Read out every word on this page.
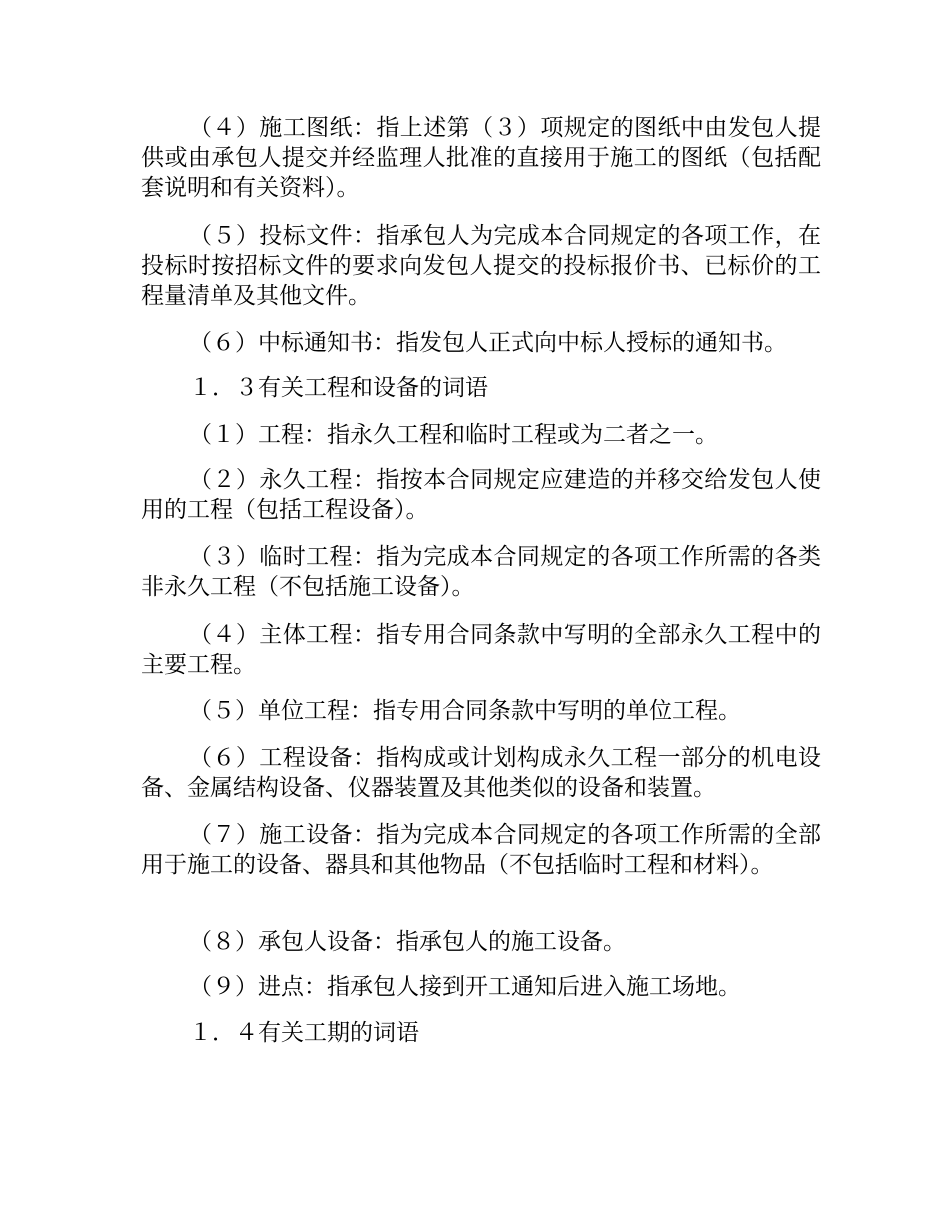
（４）施工图纸：指上述第（３）项规定的图纸中由发包人提供或由承包人提交并经监理人批准的直接用于施工的图纸（包括配套说明和有关资料）。

（５）投标文件：指承包人为完成本合同规定的各项工作，在投标时按招标文件的要求向发包人提交的投标报价书、已标价的工程量清单及其他文件。

（６）中标通知书：指发包人正式向中标人授标的通知书。

１．３有关工程和设备的词语

（１）工程：指永久工程和临时工程或为二者之一。

（２）永久工程：指按本合同规定应建造的并移交给发包人使用的工程（包括工程设备）。

（３）临时工程：指为完成本合同规定的各项工作所需的各类非永久工程（不包括施工设备）。

（４）主体工程：指专用合同条款中写明的全部永久工程中的主要工程。

（５）单位工程：指专用合同条款中写明的单位工程。

（６）工程设备：指构成或计划构成永久工程一部分的机电设备、金属结构设备、仪器装置及其他类似的设备和装置。

（７）施工设备：指为完成本合同规定的各项工作所需的全部用于施工的设备、器具和其他物品（不包括临时工程和材料）。

（８）承包人设备：指承包人的施工设备。

（９）进点：指承包人接到开工通知后进入施工场地。

１．４有关工期的词语
